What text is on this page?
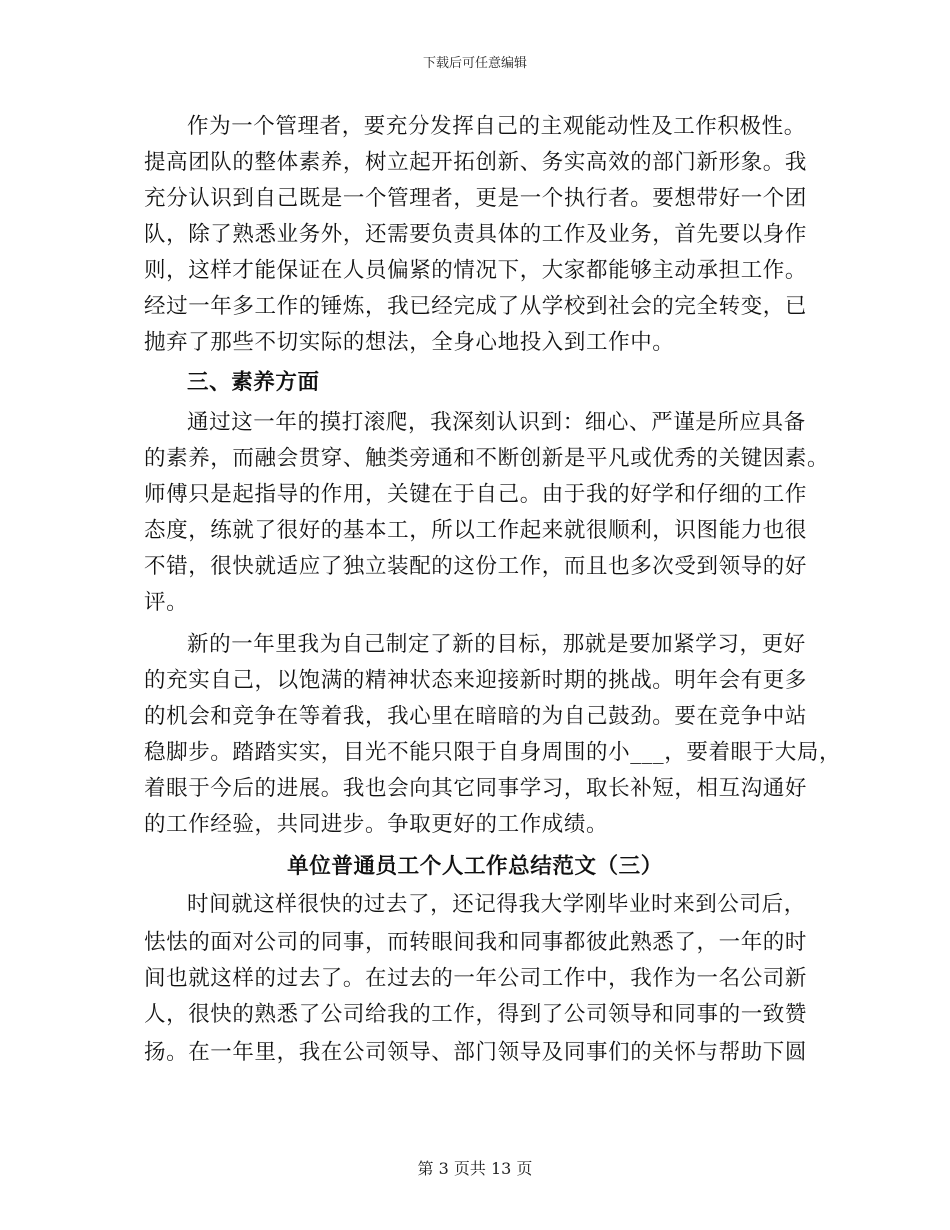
下载后可任意编辑
作为一个管理者，要充分发挥自己的主观能动性及工作积极性。
提高团队的整体素养，树立起开拓创新、务实高效的部门新形象。我
充分认识到自己既是一个管理者，更是一个执行者。要想带好一个团
队，除了熟悉业务外，还需要负责具体的工作及业务，首先要以身作
则，这样才能保证在人员偏紧的情况下，大家都能够主动承担工作。
经过一年多工作的锤炼，我已经完成了从学校到社会的完全转变，已
抛弃了那些不切实际的想法，全身心地投入到工作中。
三、素养方面
通过这一年的摸打滚爬，我深刻认识到：细心、严谨是所应具备
的素养，而融会贯穿、触类旁通和不断创新是平凡或优秀的关键因素。
师傅只是起指导的作用，关键在于自己。由于我的好学和仔细的工作
态度，练就了很好的基本工，所以工作起来就很顺利，识图能力也很
不错，很快就适应了独立装配的这份工作，而且也多次受到领导的好
评。
新的一年里我为自己制定了新的目标，那就是要加紧学习，更好
的充实自己，以饱满的精神状态来迎接新时期的挑战。明年会有更多
的机会和竞争在等着我，我心里在暗暗的为自己鼓劲。要在竞争中站
稳脚步。踏踏实实，目光不能只限于自身周围的小___，要着眼于大局，
着眼于今后的进展。我也会向其它同事学习，取长补短，相互沟通好
的工作经验，共同进步。争取更好的工作成绩。
单位普通员工个人工作总结范文（三）
时间就这样很快的过去了，还记得我大学刚毕业时来到公司后，
怯怯的面对公司的同事，而转眼间我和同事都彼此熟悉了，一年的时
间也就这样的过去了。在过去的一年公司工作中，我作为一名公司新
人，很快的熟悉了公司给我的工作，得到了公司领导和同事的一致赞
扬。在一年里，我在公司领导、部门领导及同事们的关怀与帮助下圆
第 3 页共 13 页
